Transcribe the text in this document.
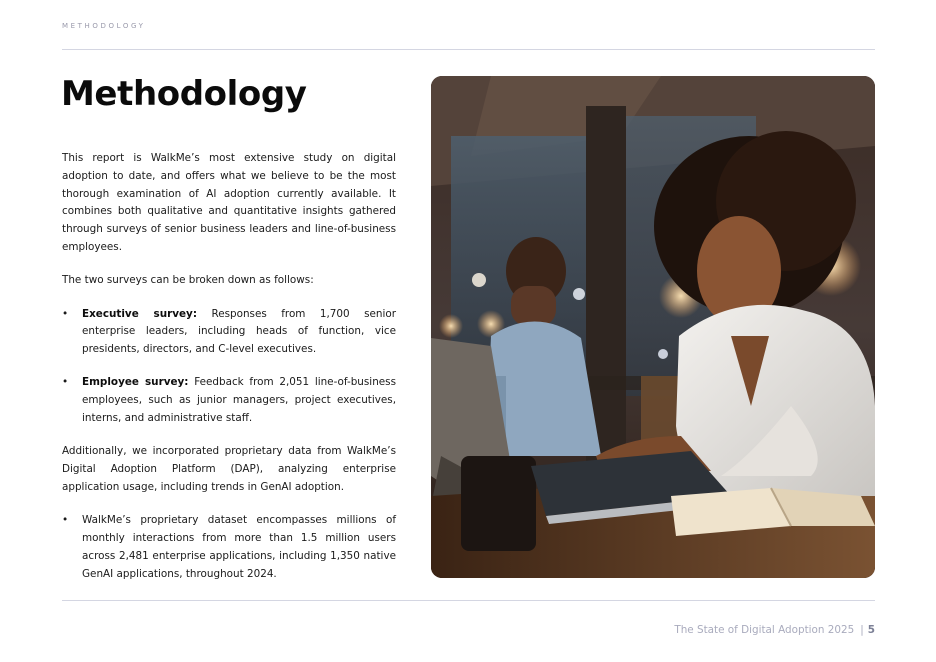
METHODOLOGY
Methodology

This report is WalkMe’s most extensive study on digital adoption to date, and offers what we believe to be the most thorough examination of AI adoption currently available. It combines both qualitative and quantitative insights gathered through surveys of senior business leaders and line-of-business employees.

The two surveys can be broken down as follows:

• Executive survey: Responses from 1,700 senior enterprise leaders, including heads of function, vice presidents, directors, and C-level executives.
• Employee survey: Feedback from 2,051 line-of-business employees, such as junior managers, project executives, interns, and administrative staff.

Additionally, we incorporated proprietary data from WalkMe’s Digital Adoption Platform (DAP), analyzing enterprise application usage, including trends in GenAI adoption.

• WalkMe’s proprietary dataset encompasses millions of monthly interactions from more than 1.5 million users across 2,481 enterprise applications, including 1,350 native GenAI applications, throughout 2024.
The State of Digital Adoption 2025 | 5
